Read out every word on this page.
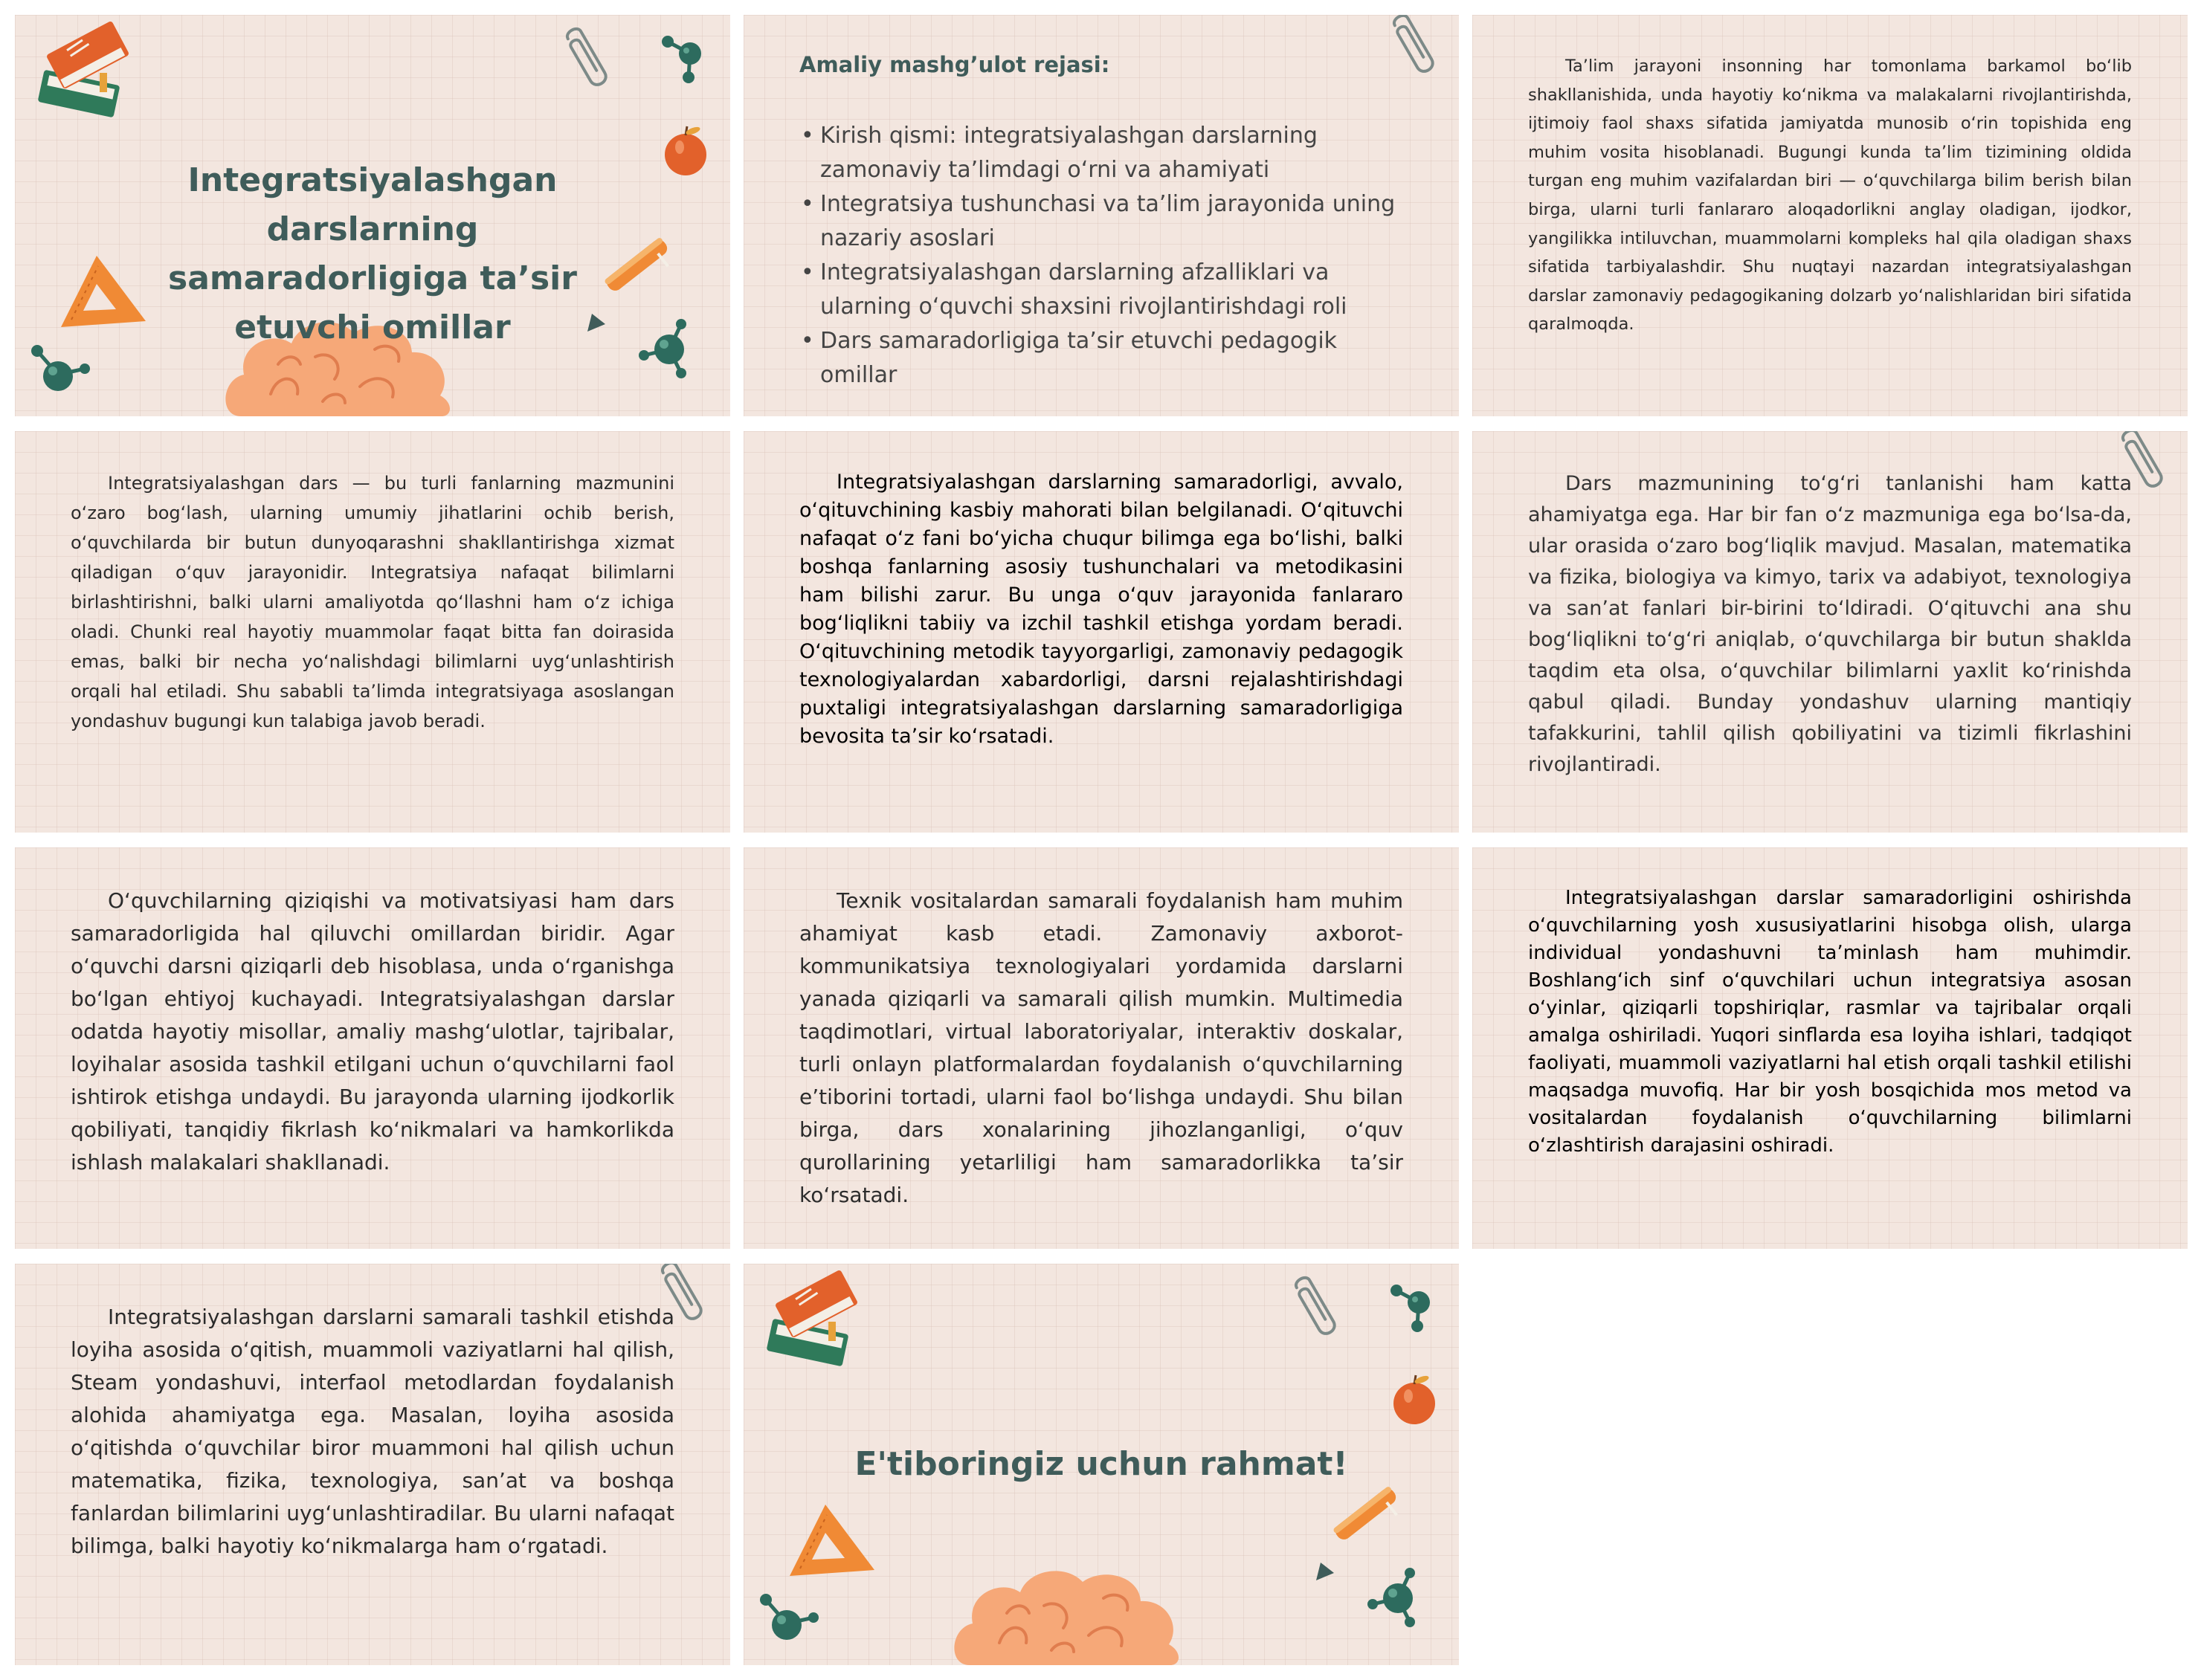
Integratsiyalashgan darslarning samaradorligiga ta’sir etuvchi omillar
Amaliy mashg’ulot rejasi:
• Kirish qismi: integratsiyalashgan darslarning zamonaviy ta’limdagi o‘rni va ahamiyati
• Integratsiya tushunchasi va ta’lim jarayonida uning nazariy asoslari
• Integratsiyalashgan darslarning afzalliklari va ularning o‘quvchi shaxsini rivojlantirishdagi roli
• Dars samaradorligiga ta’sir etuvchi pedagogik omillar

Ta’lim jarayoni insonning har tomonlama barkamol bo‘lib shakllanishida, unda hayotiy ko‘nikma va malakalarni rivojlantirishda, ijtimoiy faol shaxs sifatida jamiyatda munosib o‘rin topishida eng muhim vosita hisoblanadi. Bugungi kunda ta’lim tizimining oldida turgan eng muhim vazifalardan biri — o‘quvchilarga bilim berish bilan birga, ularni turli fanlararo aloqadorlikni anglay oladigan, ijodkor, yangilikka intiluvchan, muammolarni kompleks hal qila oladigan shaxs sifatida tarbiyalashdir. Shu nuqtayi nazardan integratsiyalashgan darslar zamonaviy pedagogikaning dolzarb yo‘nalishlaridan biri sifatida qaralmoqda.

Integratsiyalashgan dars — bu turli fanlarning mazmunini o‘zaro bog‘lash, ularning umumiy jihatlarini ochib berish, o‘quvchilarda bir butun dunyoqarashni shakllantirishga xizmat qiladigan o‘quv jarayonidir. Integratsiya nafaqat bilimlarni birlashtirishni, balki ularni amaliyotda qo‘llashni ham o‘z ichiga oladi. Chunki real hayotiy muammolar faqat bitta fan doirasida emas, balki bir necha yo‘nalishdagi bilimlarni uyg‘unlashtirish orqali hal etiladi. Shu sababli ta’limda integratsiyaga asoslangan yondashuv bugungi kun talabiga javob beradi.

Integratsiyalashgan darslarning samaradorligi, avvalo, o‘qituvchining kasbiy mahorati bilan belgilanadi. O‘qituvchi nafaqat o‘z fani bo‘yicha chuqur bilimga ega bo‘lishi, balki boshqa fanlarning asosiy tushunchalari va metodikasini ham bilishi zarur. Bu unga o‘quv jarayonida fanlararo bog‘liqlikni tabiiy va izchil tashkil etishga yordam beradi. O‘qituvchining metodik tayyorgarligi, zamonaviy pedagogik texnologiyalardan xabardorligi, darsni rejalashtirishdagi puxtaligi integratsiyalashgan darslarning samaradorligiga bevosita ta’sir ko‘rsatadi.

Dars mazmunining to‘g‘ri tanlanishi ham katta ahamiyatga ega. Har bir fan o‘z mazmuniga ega bo‘lsa-da, ular orasida o‘zaro bog‘liqlik mavjud. Masalan, matematika va fizika, biologiya va kimyo, tarix va adabiyot, texnologiya va san’at fanlari bir-birini to‘ldiradi. O‘qituvchi ana shu bog‘liqlikni to‘g‘ri aniqlab, o‘quvchilarga bir butun shaklda taqdim eta olsa, o‘quvchilar bilimlarni yaxlit ko‘rinishda qabul qiladi. Bunday yondashuv ularning mantiqiy tafakkurini, tahlil qilish qobiliyatini va tizimli fikrlashini rivojlantiradi.

O‘quvchilarning qiziqishi va motivatsiyasi ham dars samaradorligida hal qiluvchi omillardan biridir. Agar o‘quvchi darsni qiziqarli deb hisoblasa, unda o‘rganishga bo‘lgan ehtiyoj kuchayadi. Integratsiyalashgan darslar odatda hayotiy misollar, amaliy mashg‘ulotlar, tajribalar, loyihalar asosida tashkil etilgani uchun o‘quvchilarni faol ishtirok etishga undaydi. Bu jarayonda ularning ijodkorlik qobiliyati, tanqidiy fikrlash ko‘nikmalari va hamkorlikda ishlash malakalari shakllanadi.

Texnik vositalardan samarali foydalanish ham muhim ahamiyat kasb etadi. Zamonaviy axborot-kommunikatsiya texnologiyalari yordamida darslarni yanada qiziqarli va samarali qilish mumkin. Multimedia taqdimotlari, virtual laboratoriyalar, interaktiv doskalar, turli onlayn platformalardan foydalanish o‘quvchilarning e’tiborini tortadi, ularni faol bo‘lishga undaydi. Shu bilan birga, dars xonalarining jihozlanganligi, o‘quv qurollarining yetarliligi ham samaradorlikka ta’sir ko‘rsatadi.

Integratsiyalashgan darslar samaradorligini oshirishda o‘quvchilarning yosh xususiyatlarini hisobga olish, ularga individual yondashuvni ta’minlash ham muhimdir. Boshlang‘ich sinf o‘quvchilari uchun integratsiya asosan o‘yinlar, qiziqarli topshiriqlar, rasmlar va tajribalar orqali amalga oshiriladi. Yuqori sinflarda esa loyiha ishlari, tadqiqot faoliyati, muammoli vaziyatlarni hal etish orqali tashkil etilishi maqsadga muvofiq. Har bir yosh bosqichida mos metod va vositalardan foydalanish o‘quvchilarning bilimlarni o‘zlashtirish darajasini oshiradi.

Integratsiyalashgan darslarni samarali tashkil etishda loyiha asosida o‘qitish, muammoli vaziyatlarni hal qilish, Steam yondashuvi, interfaol metodlardan foydalanish alohida ahamiyatga ega. Masalan, loyiha asosida o‘qitishda o‘quvchilar biror muammoni hal qilish uchun matematika, fizika, texnologiya, san’at va boshqa fanlardan bilimlarini uyg‘unlashtiradilar. Bu ularni nafaqat bilimga, balki hayotiy ko‘nikmalarga ham o‘rgatadi.

E'tiboringiz uchun rahmat!
